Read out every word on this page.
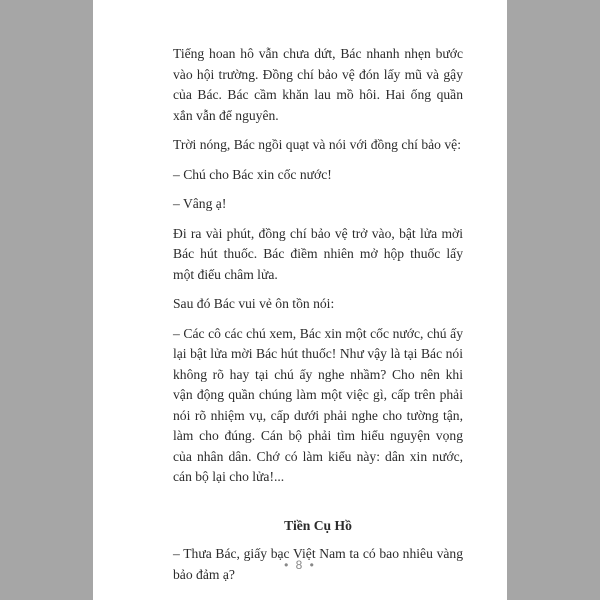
Tiếng hoan hô vẫn chưa dứt, Bác nhanh nhẹn bước vào hội trường. Đồng chí bảo vệ đón lấy mũ và gậy của Bác. Bác cầm khăn lau mồ hôi. Hai ống quần xắn vẫn để nguyên.

Trời nóng, Bác ngồi quạt và nói với đồng chí bảo vệ:

– Chú cho Bác xin cốc nước!

– Vâng ạ!

Đi ra vài phút, đồng chí bảo vệ trở vào, bật lửa mời Bác hút thuốc. Bác điềm nhiên mở hộp thuốc lấy một điếu châm lửa.

Sau đó Bác vui vẻ ôn tồn nói:

– Các cô các chú xem, Bác xin một cốc nước, chú ấy lại bật lửa mời Bác hút thuốc! Như vậy là tại Bác nói không rõ hay tại chú ấy nghe nhầm? Cho nên khi vận động quần chúng làm một việc gì, cấp trên phải nói rõ nhiệm vụ, cấp dưới phải nghe cho tường tận, làm cho đúng. Cán bộ phải tìm hiểu nguyện vọng của nhân dân. Chớ có làm kiểu này: dân xin nước, cán bộ lại cho lửa!...

Tiền Cụ Hồ

– Thưa Bác, giấy bạc Việt Nam ta có bao nhiêu vàng bảo đảm ạ?

• 8 •
